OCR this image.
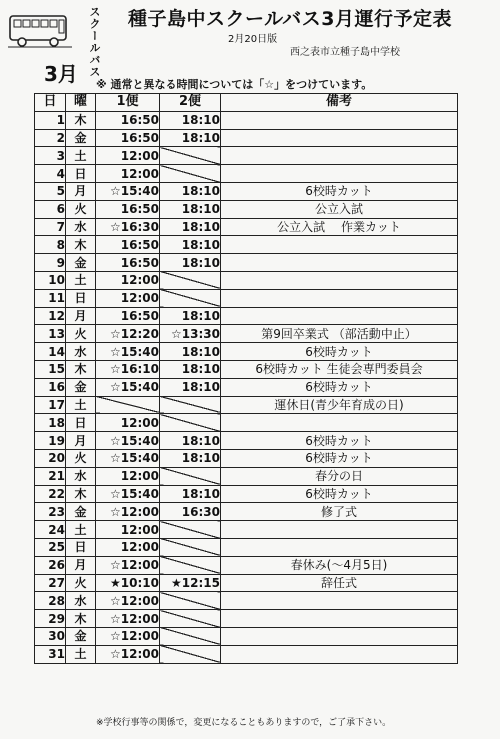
スクールバス
3月
種子島中スクールバス3月運行予定表
2月20日版
西之表市立種子島中学校
※ 通常と異なる時間については「☆」をつけています。
日	曜	1便	2便	備考
1	木	16:50	18:10	
2	金	16:50	18:10	
3	土	12:00		
4	日	12:00		
5	月	☆15:40	18:10	6校時カット
6	火	16:50	18:10	公立入試
7	水	☆16:30	18:10	公立入試　 作業カット
8	木	16:50	18:10	
9	金	16:50	18:10	
10	土	12:00		
11	日	12:00		
12	月	16:50	18:10	
13	火	☆12:20	☆13:30	第9回卒業式 （部活動中止）
14	水	☆15:40	18:10	6校時カット
15	木	☆16:10	18:10	6校時カット 生徒会専門委員会
16	金	☆15:40	18:10	6校時カット
17	土			運休日(青少年育成の日)
18	日	12:00		
19	月	☆15:40	18:10	6校時カット
20	火	☆15:40	18:10	6校時カット
21	水	12:00		春分の日
22	木	☆15:40	18:10	6校時カット
23	金	☆12:00	16:30	修了式
24	土	12:00		
25	日	12:00		
26	月	☆12:00		春休み(～4月5日)
27	火	★10:10	★12:15	辞任式
28	水	☆12:00		
29	木	☆12:00		
30	金	☆12:00		
31	土	☆12:00		
※学校行事等の関係で，変更になることもありますので，ご了承下さい。
